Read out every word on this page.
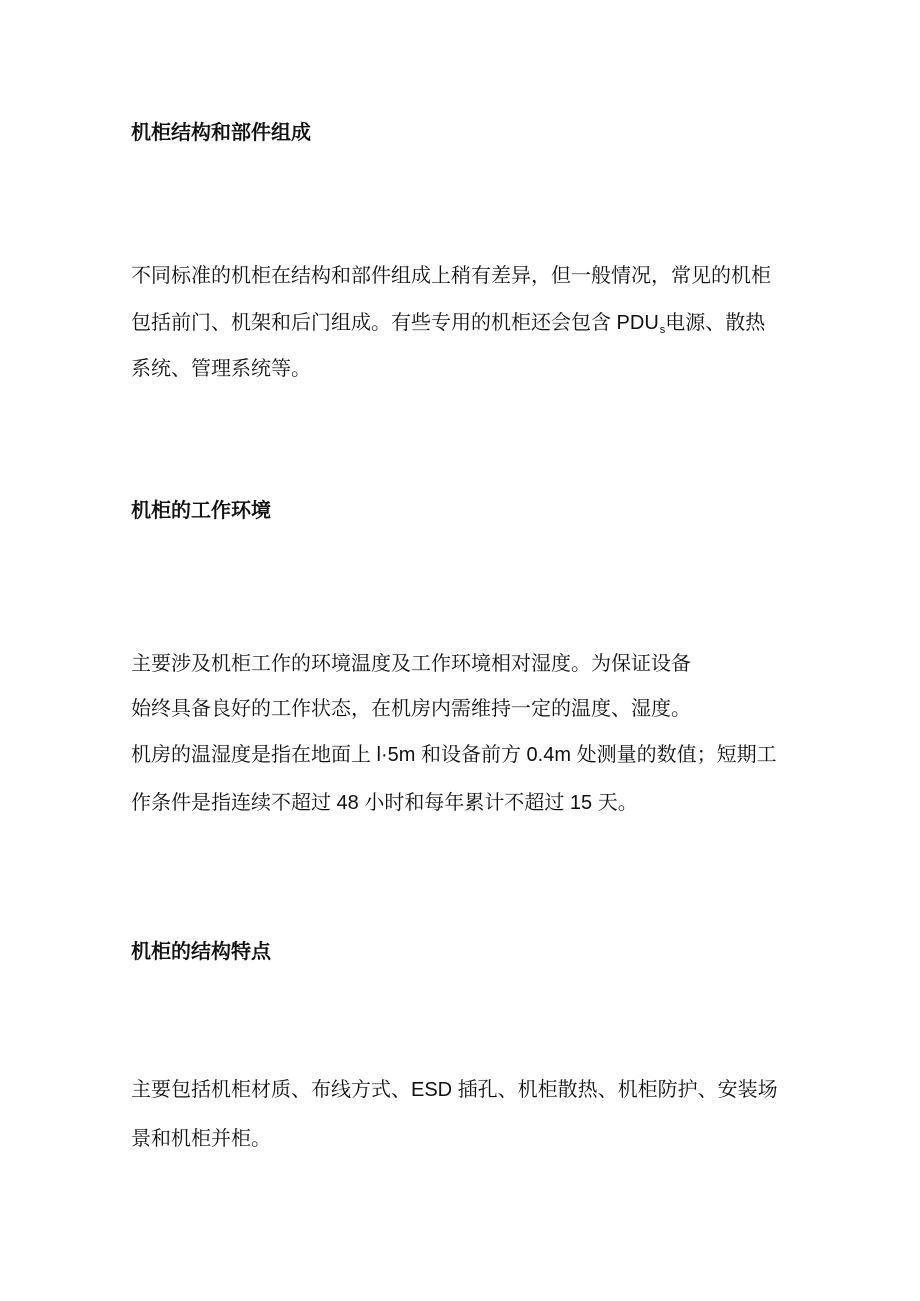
机柜结构和部件组成

不同标准的机柜在结构和部件组成上稍有差异，但一般情况，常见的机柜

包括前门、机架和后门组成。有些专用的机柜还会包含 $PDU_s$电源、散热

系统、管理系统等。

机柜的工作环境

主要涉及机柜工作的环境温度及工作环境相对湿度。为保证设备

始终具备良好的工作状态，在机房内需维持一定的温度、湿度。

机房的温湿度是指在地面上 l·5m 和设备前方 0.4m 处测量的数值；短期工

作条件是指连续不超过 48 小时和每年累计不超过 15 天。

机柜的结构特点

主要包括机柜材质、布线方式、ESD 插孔、机柜散热、机柜防护、安装场

景和机柜并柜。
